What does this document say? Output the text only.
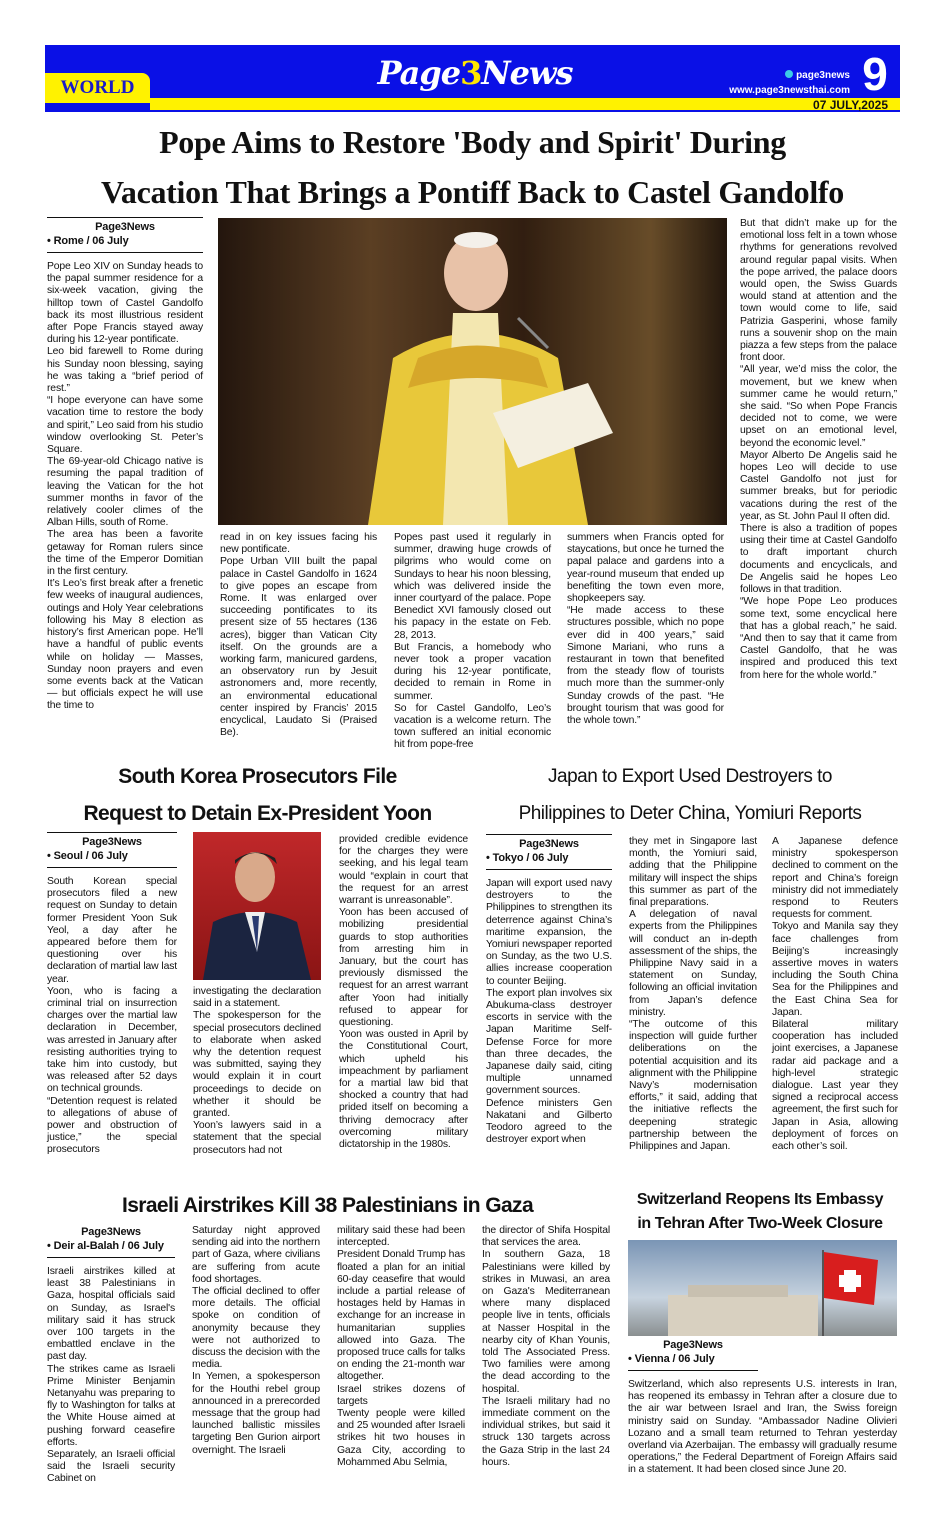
WORLD	Page3News	page3news
www.page3newsthai.com 9
07 JULY,2025
Pope Aims to Restore 'Body and Spirit' During
Vacation That Brings a Pontiff Back to Castel Gandolfo
Page3News
• Rome / 06 July

Pope Leo XIV on Sunday heads to the papal summer residence for a six-week vacation, giving the hilltop town of Castel Gandolfo back its most illustrious resident after Pope Francis stayed away during his 12-year pontificate.

Leo bid farewell to Rome during his Sunday noon blessing, saying he was taking a “brief period of rest.”

“I hope everyone can have some vacation time to restore the body and spirit,” Leo said from his studio window overlooking St. Peter’s Square.

The 69-year-old Chicago native is resuming the papal tradition of leaving the Vatican for the hot summer months in favor of the relatively cooler climes of the Alban Hills, south of Rome.

The area has been a favorite getaway for Roman rulers since the time of the Emperor Domitian in the first century.

It’s Leo’s first break after a frenetic few weeks of inaugural audiences, outings and Holy Year celebrations following his May 8 election as history’s first American pope. He’ll have a handful of public events while on holiday — Masses, Sunday noon prayers and even some events back at the Vatican — but officials expect he will use the time to

read in on key issues facing his new pontificate.

Pope Urban VIII built the papal palace in Castel Gandolfo in 1624 to give popes an escape from Rome. It was enlarged over succeeding pontificates to its present size of 55 hectares (136 acres), bigger than Vatican City itself. On the grounds are a working farm, manicured gardens, an observatory run by Jesuit astronomers and, more recently, an environmental educational center inspired by Francis’ 2015 encyclical, Laudato Si (Praised Be).

Popes past used it regularly in summer, drawing huge crowds of pilgrims who would come on Sundays to hear his noon blessing, which was delivered inside the inner courtyard of the palace. Pope Benedict XVI famously closed out his papacy in the estate on Feb. 28, 2013.

But Francis, a homebody who never took a proper vacation during his 12-year pontificate, decided to remain in Rome in summer.

So for Castel Gandolfo, Leo’s vacation is a welcome return. The town suffered an initial economic hit from pope-free

summers when Francis opted for staycations, but once he turned the papal palace and gardens into a year-round museum that ended up benefiting the town even more, shopkeepers say.

“He made access to these structures possible, which no pope ever did in 400 years,” said Simone Mariani, who runs a restaurant in town that benefited from the steady flow of tourists much more than the summer-only Sunday crowds of the past. “He brought tourism that was good for the whole town.”

But that didn’t make up for the emotional loss felt in a town whose rhythms for generations revolved around regular papal visits. When the pope arrived, the palace doors would open, the Swiss Guards would stand at attention and the town would come to life, said Patrizia Gasperini, whose family runs a souvenir shop on the main piazza a few steps from the palace front door.

“All year, we’d miss the color, the movement, but we knew when summer came he would return,” she said. “So when Pope Francis decided not to come, we were upset on an emotional level, beyond the economic level.”

Mayor Alberto De Angelis said he hopes Leo will decide to use Castel Gandolfo not just for summer breaks, but for periodic vacations during the rest of the year, as St. John Paul II often did.

There is also a tradition of popes using their time at Castel Gandolfo to draft important church documents and encyclicals, and De Angelis said he hopes Leo follows in that tradition.

“We hope Pope Leo produces some text, some encyclical here that has a global reach,” he said. “And then to say that it came from Castel Gandolfo, that he was inspired and produced this text from here for the whole world.”

South Korea Prosecutors File
Request to Detain Ex-President Yoon
Page3News
• Seoul / 06 July

South Korean special prosecutors filed a new request on Sunday to detain former President Yoon Suk Yeol, a day after he appeared before them for questioning over his declaration of martial law last year.

Yoon, who is facing a criminal trial on insurrection charges over the martial law declaration in December, was arrested in January after resisting authorities trying to take him into custody, but was released after 52 days on technical grounds.

“Detention request is related to allegations of abuse of power and obstruction of justice,” the special prosecutors

investigating the declaration said in a statement.

The spokesperson for the special prosecutors declined to elaborate when asked why the detention request was submitted, saying they would explain it in court proceedings to decide on whether it should be granted.

Yoon’s lawyers said in a statement that the special prosecutors had not

provided credible evidence for the charges they were seeking, and his legal team would “explain in court that the request for an arrest warrant is unreasonable”.

Yoon has been accused of mobilizing presidential guards to stop authorities from arresting him in January, but the court has previously dismissed the request for an arrest warrant after Yoon had initially refused to appear for questioning.

Yoon was ousted in April by the Constitutional Court, which upheld his impeachment by parliament for a martial law bid that shocked a country that had prided itself on becoming a thriving democracy after overcoming military dictatorship in the 1980s.

Japan to Export Used Destroyers to
Philippines to Deter China, Yomiuri Reports
Page3News
• Tokyo / 06 July

Japan will export used navy destroyers to the Philippines to strengthen its deterrence against China’s maritime expansion, the Yomiuri newspaper reported on Sunday, as the two U.S. allies increase cooperation to counter Beijing.

The export plan involves six Abukuma-class destroyer escorts in service with the Japan Maritime Self-Defense Force for more than three decades, the Japanese daily said, citing multiple unnamed government sources.

Defence ministers Gen Nakatani and Gilberto Teodoro agreed to the destroyer export when

they met in Singapore last month, the Yomiuri said, adding that the Philippine military will inspect the ships this summer as part of the final preparations.

A delegation of naval experts from the Philippines will conduct an in-depth assessment of the ships, the Philippine Navy said in a statement on Sunday, following an official invitation from Japan’s defence ministry.

“The outcome of this inspection will guide further deliberations on the potential acquisition and its alignment with the Philippine Navy’s modernisation efforts,” it said, adding that the initiative reflects the deepening strategic partnership between the Philippines and Japan.

A Japanese defence ministry spokesperson declined to comment on the report and China’s foreign ministry did not immediately respond to Reuters requests for comment.

Tokyo and Manila say they face challenges from Beijing’s increasingly assertive moves in waters including the South China Sea for the Philippines and the East China Sea for Japan.

Bilateral military cooperation has included joint exercises, a Japanese radar aid package and a high-level strategic dialogue. Last year they signed a reciprocal access agreement, the first such for Japan in Asia, allowing deployment of forces on each other’s soil.

Israeli Airstrikes Kill 38 Palestinians in Gaza
Page3News
• Deir al-Balah / 06 July

Israeli airstrikes killed at least 38 Palestinians in Gaza, hospital officials said on Sunday, as Israel's military said it has struck over 100 targets in the embattled enclave in the past day.

The strikes came as Israeli Prime Minister Benjamin Netanyahu was preparing to fly to Washington for talks at the White House aimed at pushing forward ceasefire efforts.

Separately, an Israeli official said the Israeli security Cabinet on

Saturday night approved sending aid into the northern part of Gaza, where civilians are suffering from acute food shortages.

The official declined to offer more details. The official spoke on condition of anonymity because they were not authorized to discuss the decision with the media.

In Yemen, a spokesperson for the Houthi rebel group announced in a prerecorded message that the group had launched ballistic missiles targeting Ben Gurion airport overnight. The Israeli

military said these had been intercepted.

President Donald Trump has floated a plan for an initial 60-day ceasefire that would include a partial release of hostages held by Hamas in exchange for an increase in humanitarian supplies allowed into Gaza. The proposed truce calls for talks on ending the 21-month war altogether.

Israel strikes dozens of targets

Twenty people were killed and 25 wounded after Israeli strikes hit two houses in Gaza City, according to Mohammed Abu Selmia,

the director of Shifa Hospital that services the area.

In southern Gaza, 18 Palestinians were killed by strikes in Muwasi, an area on Gaza's Mediterranean where many displaced people live in tents, officials at Nasser Hospital in the nearby city of Khan Younis, told The Associated Press. Two families were among the dead according to the hospital.

The Israeli military had no immediate comment on the individual strikes, but said it struck 130 targets across the Gaza Strip in the last 24 hours.

Switzerland Reopens Its Embassy
in Tehran After Two-Week Closure
Page3News
• Vienna / 06 July

Switzerland, which also represents U.S. interests in Iran, has reopened its embassy in Tehran after a closure due to the air war between Israel and Iran, the Swiss foreign ministry said on Sunday. “Ambassador Nadine Olivieri Lozano and a small team returned to Tehran yesterday overland via Azerbaijan. The embassy will gradually resume operations,” the Federal Department of Foreign Affairs said in a statement. It had been closed since June 20.
